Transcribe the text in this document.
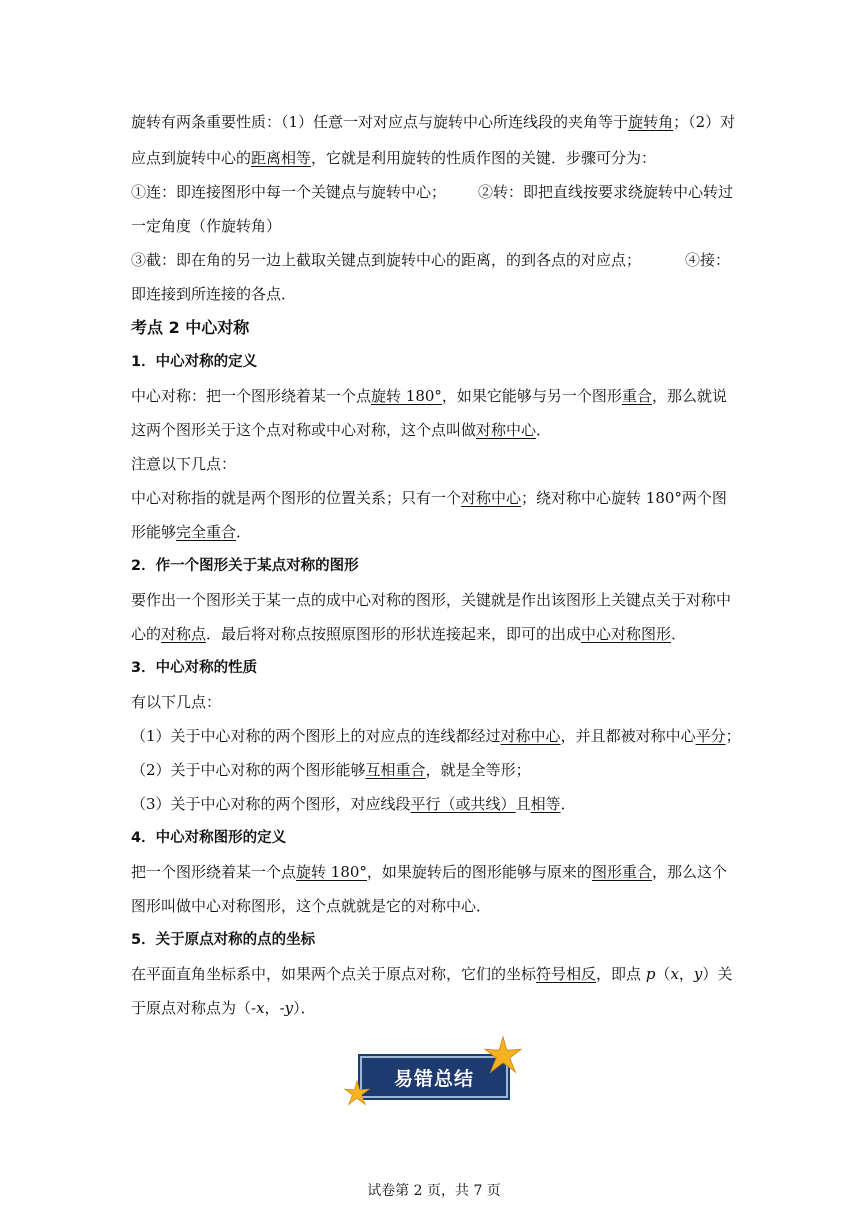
旋转有两条重要性质：（1）任意一对对应点与旋转中心所连线段的夹角等于旋转角；（2）对
应点到旋转中心的距离相等，它就是利用旋转的性质作图的关键．步骤可分为：
①连：即连接图形中每一个关键点与旋转中心； ②转：即把直线按要求绕旋转中心转过
一定角度（作旋转角）
③截：即在角的另一边上截取关键点到旋转中心的距离，的到各点的对应点；	④接：
即连接到所连接的各点．
考点 2 中心对称
1．中心对称的定义
中心对称：把一个图形绕着某一个点旋转 180°，如果它能够与另一个图形重合，那么就说
这两个图形关于这个点对称或中心对称，这个点叫做对称中心．
注意以下几点：
中心对称指的就是两个图形的位置关系；只有一个对称中心；绕对称中心旋转 180°两个图
形能够完全重合．
2．作一个图形关于某点对称的图形
要作出一个图形关于某一点的成中心对称的图形，关键就是作出该图形上关键点关于对称中
心的对称点．最后将对称点按照原图形的形状连接起来，即可的出成中心对称图形．
3．中心对称的性质
有以下几点：
（1）关于中心对称的两个图形上的对应点的连线都经过对称中心，并且都被对称中心平分；
（2）关于中心对称的两个图形能够互相重合，就是全等形；
（3）关于中心对称的两个图形，对应线段平行（或共线）且相等．
4．中心对称图形的定义
把一个图形绕着某一个点旋转 180°，如果旋转后的图形能够与原来的图形重合，那么这个
图形叫做中心对称图形，这个点就就是它的对称中心．
5．关于原点对称的点的坐标
在平面直角坐标系中，如果两个点关于原点对称，它们的坐标符号相反，即点 p（x，y）关
于原点对称点为（-x，-y）．
易错总结
试卷第 2 页，共 7 页
